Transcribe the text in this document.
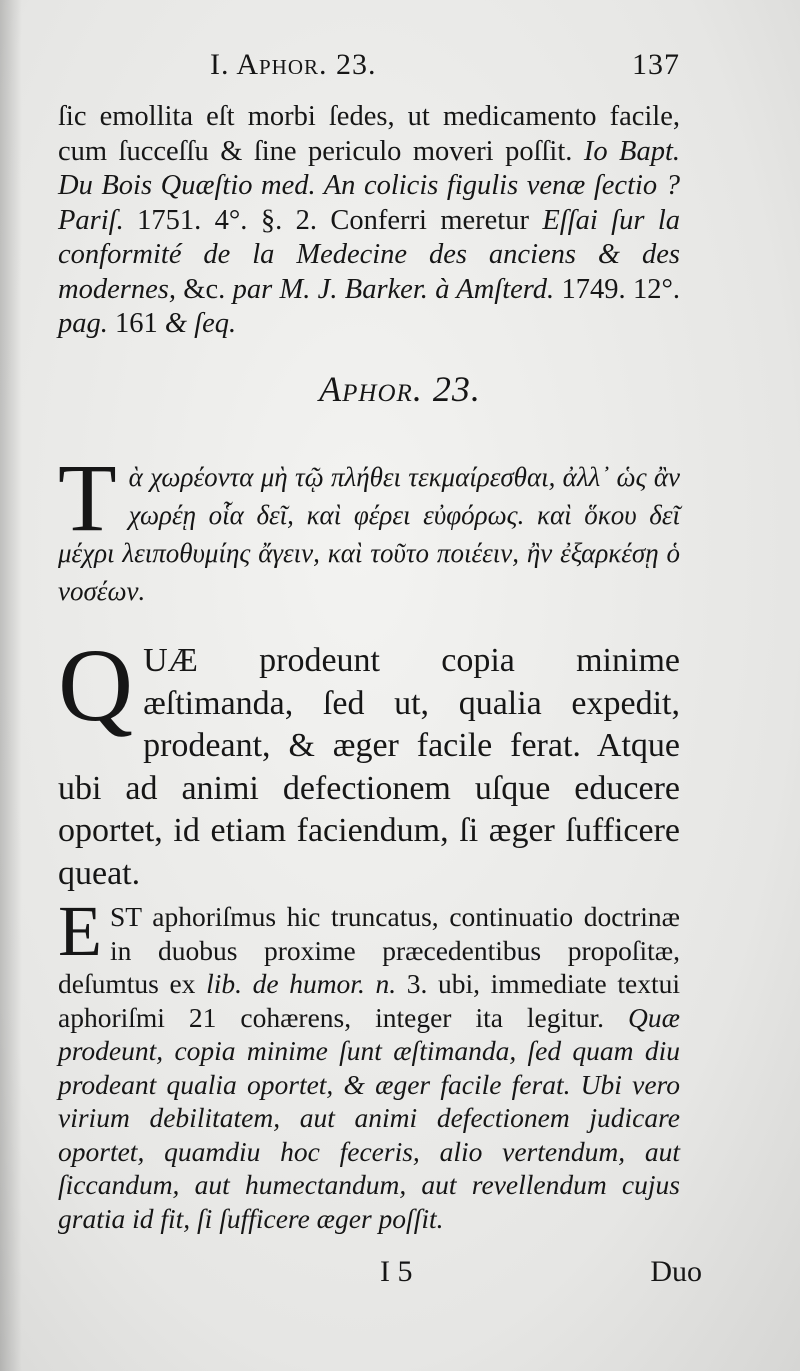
I. Aphor. 23.	137

ſic emollita eſt morbi ſedes, ut medicamento facile, cum ſucceſſu & ſine periculo moveri poſſit. Io Bapt. Du Bois Quæſtio med. An colicis figulis venæ ſectio ? Pariſ. 1751. 4°. §. 2. Conferri meretur Eſſai ſur la conformité de la Medecine des anciens & des modernes, &c. par M. J. Barker. à Amſterd. 1749. 12°. pag. 161 & ſeq.

Aphor. 23.
T ὰ χωρέοντα μὴ τῷ πλήθει τεκμαίρεσθαι, ἀλλ᾽ ὡς ἂν χωρέῃ οἷα δεῖ, καὶ φέρει εὐφόρως. καὶ ὅκου δεῖ μέχρι λειποθυμίης ἄγειν, καὶ τοῦτο ποιέειν, ἢν ἐξαρκέσῃ ὁ νοσέων.

Q UÆ prodeunt copia minime æſtimanda, ſed ut, qualia expedit, prodeant, & æger facile ferat. Atque ubi ad animi defectionem uſque educere oportet, id etiam faciendum, ſi æger ſufficere queat.

E ST aphoriſmus hic truncatus, continuatio doctrinæ in duobus proxime præcedentibus propoſitæ, deſumtus ex lib. de humor. n. 3. ubi, immediate textui aphoriſmi 21 cohærens, integer ita legitur. Quæ prodeunt, copia minime ſunt æſtimanda, ſed quam diu prodeant qualia oportet, & æger facile ferat. Ubi vero virium debilitatem, aut animi defectionem judicare oportet, quamdiu hoc feceris, alio vertendum, aut ſiccandum, aut humectandum, aut revellendum cujus gratia id fit, ſi ſufficere æger poſſit.

I 5	Duo
